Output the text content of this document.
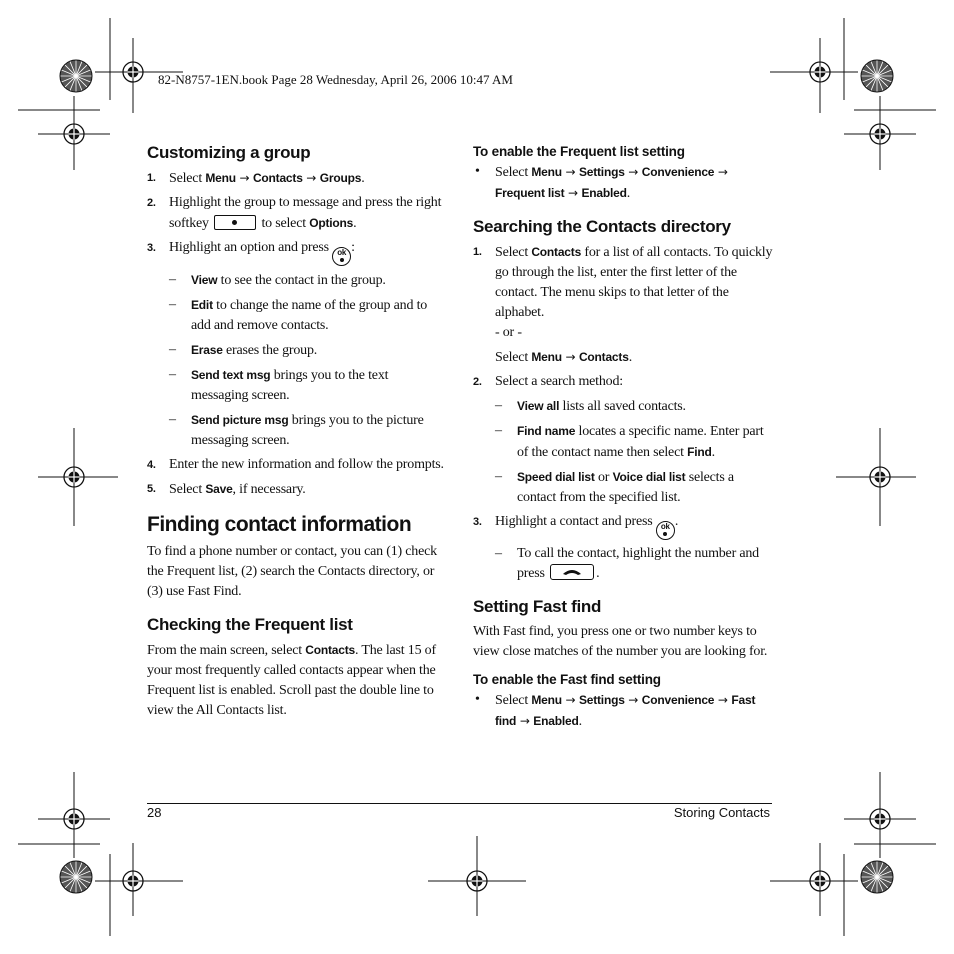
82-N8757-1EN.book Page 28 Wednesday, April 26, 2006 10:47 AM
Customizing a group
1. Select Menu → Contacts → Groups.
2. Highlight the group to message and press the right softkey	to select Options.
3. Highlight an option and press ok :
– View to see the contact in the group.
– Edit to change the name of the group and to add and remove contacts.
– Erase erases the group.
– Send text msg brings you to the text messaging screen.
– Send picture msg brings you to the picture messaging screen.
4. Enter the new information and follow the prompts.
5. Select Save, if necessary.
Finding contact information

To find a phone number or contact, you can (1) check the Frequent list, (2) search the Contacts directory, or (3) use Fast Find.

Checking the Frequent list

From the main screen, select Contacts. The last 15 of your most frequently called contacts appear when the Frequent list is enabled. Scroll past the double line to view the All Contacts list.

To enable the Frequent list setting
• Select Menu → Settings → Convenience → Frequent list → Enabled.
Searching the Contacts directory
1. Select Contacts for a list of all contacts. To quickly go through the list, enter the first letter of the contact. The menu skips to that letter of the alphabet.
- or -
Select Menu → Contacts.
2. Select a search method:
– View all lists all saved contacts.
– Find name locates a specific name. Enter part of the contact name then select Find.
– Speed dial list or Voice dial list selects a contact from the specified list.
3. Highlight a contact and press ok .
– To call the contact, highlight the number and press	.
Setting Fast find

With Fast find, you press one or two number keys to view close matches of the number you are looking for.

To enable the Fast find setting
• Select Menu → Settings → Convenience → Fast find → Enabled.
28	Storing Contacts
